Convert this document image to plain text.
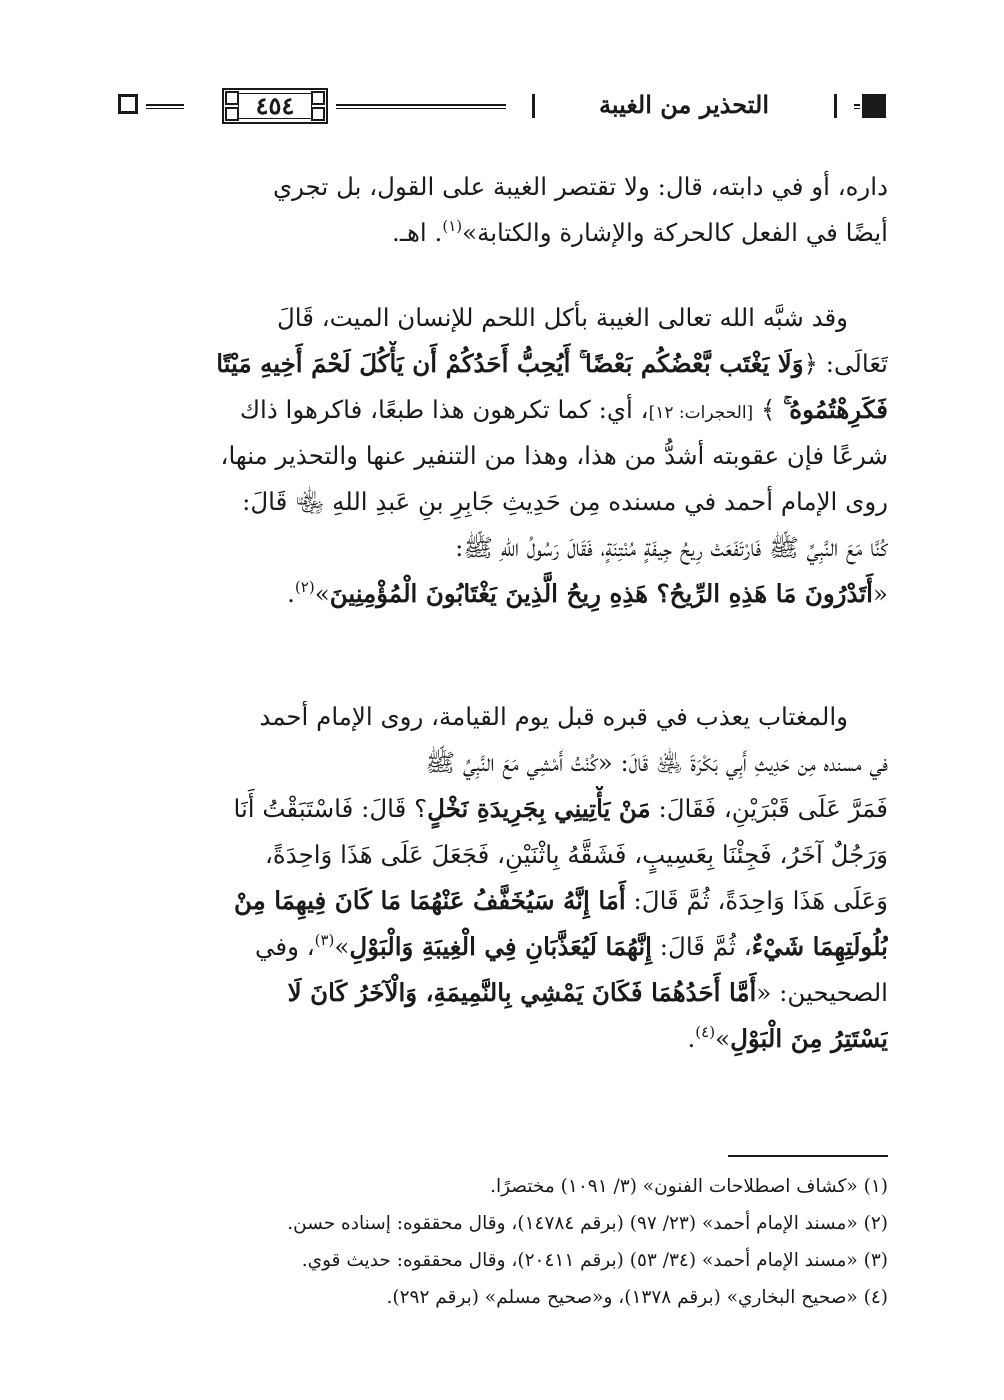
٤٥٤	التحذير من الغيبة
داره، أو في دابته، قال: ولا تقتصر الغيبة على القول، بل تجري
أيضًا في الفعل كالحركة والإشارة والكتابة»$^{(١)}$. اهـ.
وقد شبَّه الله تعالى الغيبة بأكل اللحم للإنسان الميت، قَالَ
تَعَالَى: ﴿وَلَا يَغْتَب بَّعْضُكُم بَعْضًا ۚ أَيُحِبُّ أَحَدُكُمْ أَن يَأْكُلَ لَحْمَ أَخِيهِ مَيْتًا
فَكَرِهْتُمُوهُ ۚ ﴾ [الحجرات: ١٢]، أي: كما تكرهون هذا طبعًا، فاكرهوا ذاك
شرعًا فإن عقوبته أشدُّ من هذا، وهذا من التنفير عنها والتحذير منها،
روى الإمام أحمد في مسنده مِن حَدِيثِ جَابِرِ بنِ عَبدِ اللهِ ﵄ قَالَ:
كُنَّا مَعَ النَّبِيِّ ﷺ فَارْتَفَعَتْ رِيحُ جِيفَةٍ مُنْتِنَةٍ، فَقَالَ رَسُولُ اللهِ ﷺ:
«أَتَدْرُونَ مَا هَذِهِ الرِّيحُ؟ هَذِهِ رِيحُ الَّذِينَ يَغْتَابُونَ الْمُؤْمِنِينَ»$^{(٢)}$.
والمغتاب يعذب في قبره قبل يوم القيامة، روى الإمام أحمد
في مسنده مِن حَدِيثِ أَبِي بَكْرَةَ ﵁ قَالَ: «كُنْتُ أَمْشِي مَعَ النَّبِيِّ ﷺ
فَمَرَّ عَلَى قَبْرَيْنِ، فَقَالَ: مَنْ يَأْتِينِي بِجَرِيدَةِ نَخْلٍ؟ قَالَ: فَاسْتَبَقْتُ أَنَا
وَرَجُلٌ آخَرُ، فَجِئْنَا بِعَسِيبٍ، فَشَقَّهُ بِاثْنَيْنِ، فَجَعَلَ عَلَى هَذَا وَاحِدَةً،
وَعَلَى هَذَا وَاحِدَةً، ثُمَّ قَالَ: أَمَا إِنَّهُ سَيُخَفَّفُ عَنْهُمَا مَا كَانَ فِيهِمَا مِنْ
بُلُولَتِهِمَا شَيْءٌ، ثُمَّ قَالَ: إِنَّهُمَا لَيُعَذَّبَانِ فِي الْغِيبَةِ وَالْبَوْلِ»$^{(٣)}$، وفي
الصحيحين: «أَمَّا أَحَدُهُمَا فَكَانَ يَمْشِي بِالنَّمِيمَةِ، وَالْآخَرُ كَانَ لَا
يَسْتَتِرُ مِنَ الْبَوْلِ»$^{(٤)}$.
(١) «كشاف اصطلاحات الفنون» (٣/ ١٠٩١) مختصرًا.
(٢) «مسند الإمام أحمد» (٢٣/ ٩٧) (برقم ١٤٧٨٤)، وقال محققوه: إسناده حسن.
(٣) «مسند الإمام أحمد» (٣٤/ ٥٣) (برقم ٢٠٤١١)، وقال محققوه: حديث قوي.
(٤) «صحيح البخاري» (برقم ١٣٧٨)، و«صحيح مسلم» (برقم ٢٩٢).
